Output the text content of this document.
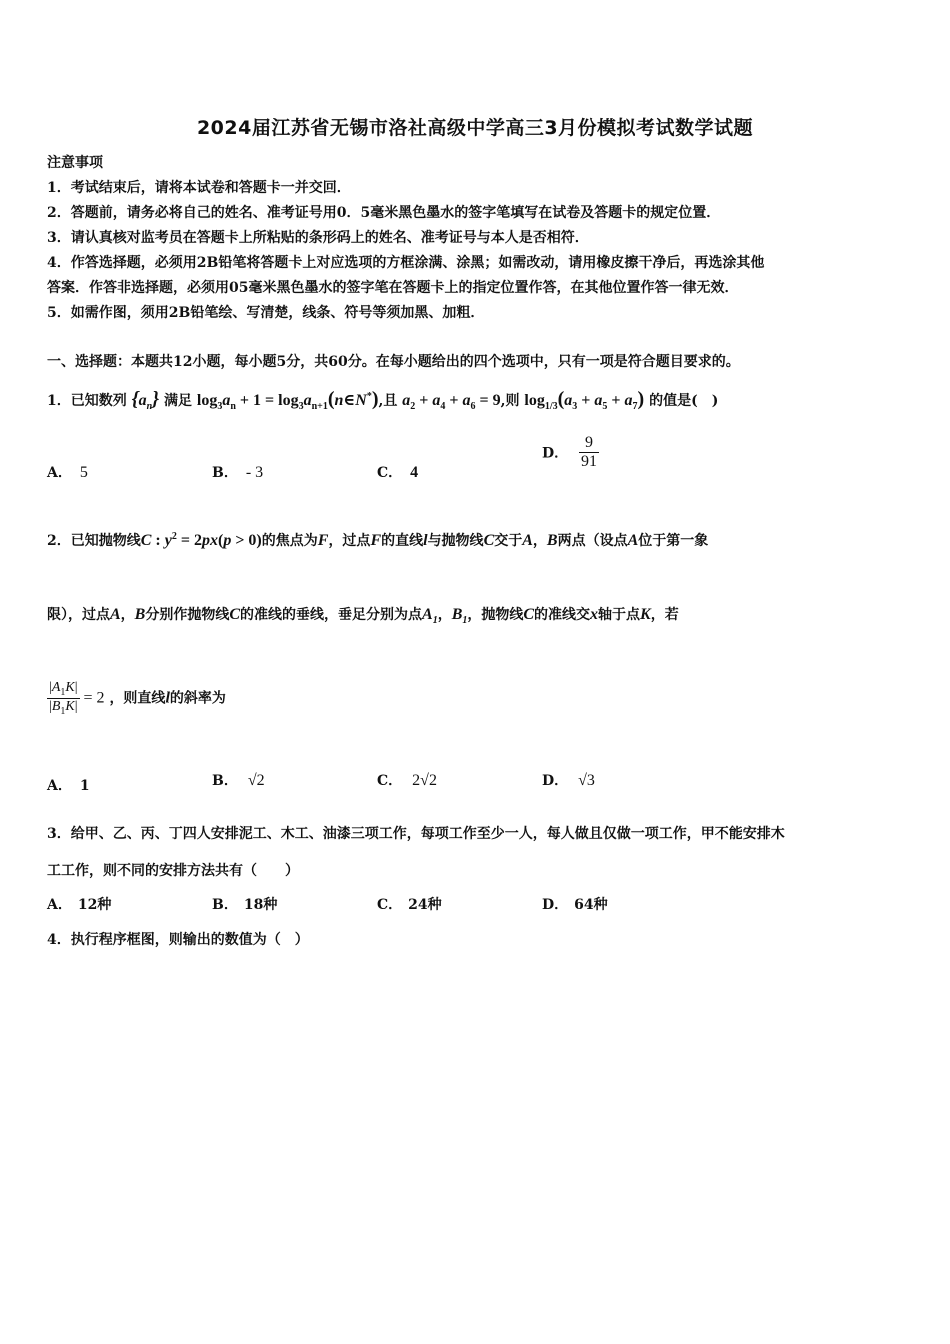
2024届江苏省无锡市洛社高级中学高三3月份模拟考试数学试题
注意事项
1．考试结束后，请将本试卷和答题卡一并交回．
2．答题前，请务必将自己的姓名、准考证号用0．5毫米黑色墨水的签字笔填写在试卷及答题卡的规定位置．
3．请认真核对监考员在答题卡上所粘贴的条形码上的姓名、准考证号与本人是否相符．
4．作答选择题，必须用2B铅笔将答题卡上对应选项的方框涂满、涂黑；如需改动，请用橡皮擦干净后，再选涂其他
答案．作答非选择题，必须用05毫米黑色墨水的签字笔在答题卡上的指定位置作答，在其他位置作答一律无效．
5．如需作图，须用2B铅笔绘、写清楚，线条、符号等须加黑、加粗．
一、选择题：本题共12小题，每小题5分，共60分。在每小题给出的四个选项中，只有一项是符合题目要求的。
1．已知数列 $\{a_n\}$ 满足 $\log_3a_n + 1$ = $\log_3a_{n+1}(n\in N^*)$,且 $a_2 + a_4 + a_6 = 9$,则 $\log_{1/3}(a_3 + a_5 + a_7)$ 的值是(　)
A． 5	B． - 3	C． 4
D． $\frac{9}{91}$
2．已知抛物线C : $y^2 = 2px(p > 0)$的焦点为F，过点F的直线l与抛物线C交于A，B两点（设点A位于第一象
限），过点A，B分别作抛物线C的准线的垂线，垂足分别为点$A_1$，$B_1$，抛物线C的准线交x轴于点K，若
$\frac{|A_1K|}{|B_1K|} = 2$ ，则直线l的斜率为
A． 1	B． √2	C． 2√2	D． √3
3．给甲、乙、丙、丁四人安排泥工、木工、油漆三项工作，每项工作至少一人，每人做且仅做一项工作，甲不能安排木
工工作，则不同的安排方法共有（　　）
A． 12种	B． 18种	C． 24种	D． 64种
4．执行程序框图，则输出的数值为（　）
